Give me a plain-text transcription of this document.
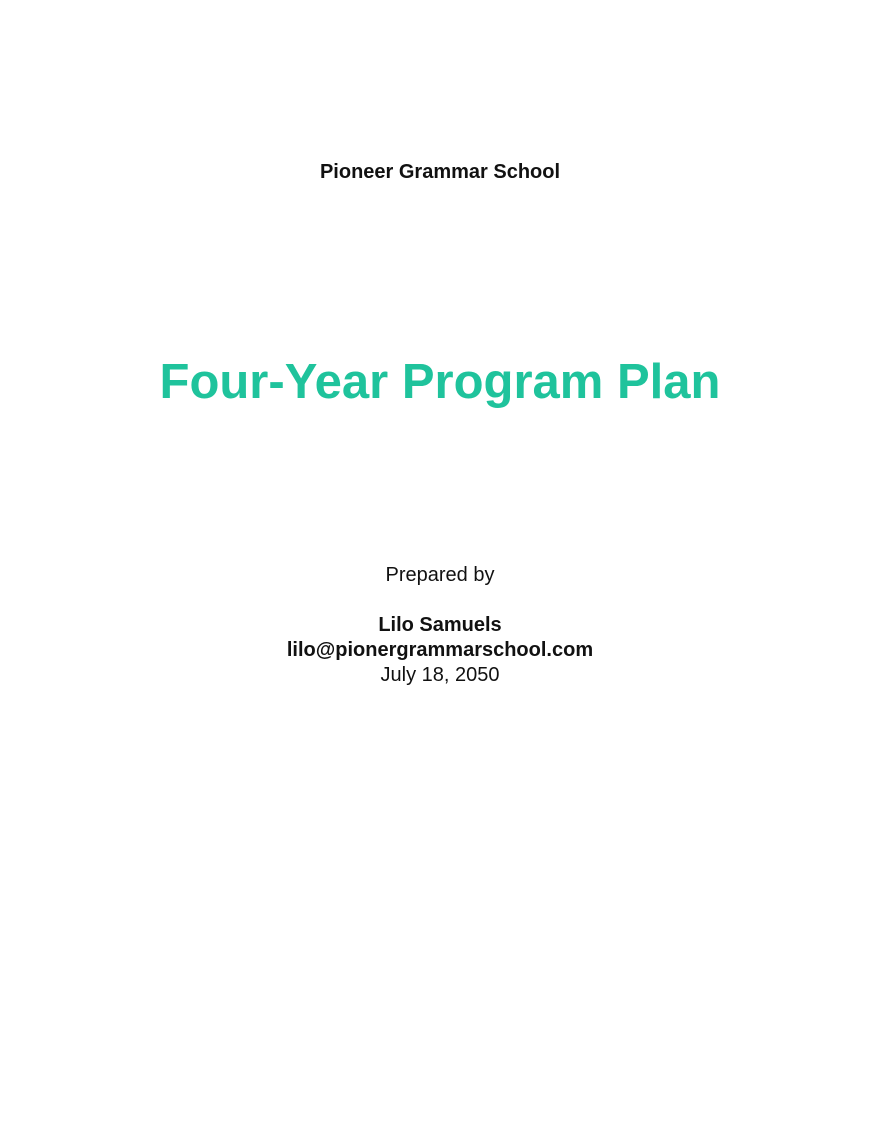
Pioneer Grammar School
Four-Year Program Plan
Prepared by
Lilo Samuels
lilo@pionergrammarschool.com
July 18, 2050
